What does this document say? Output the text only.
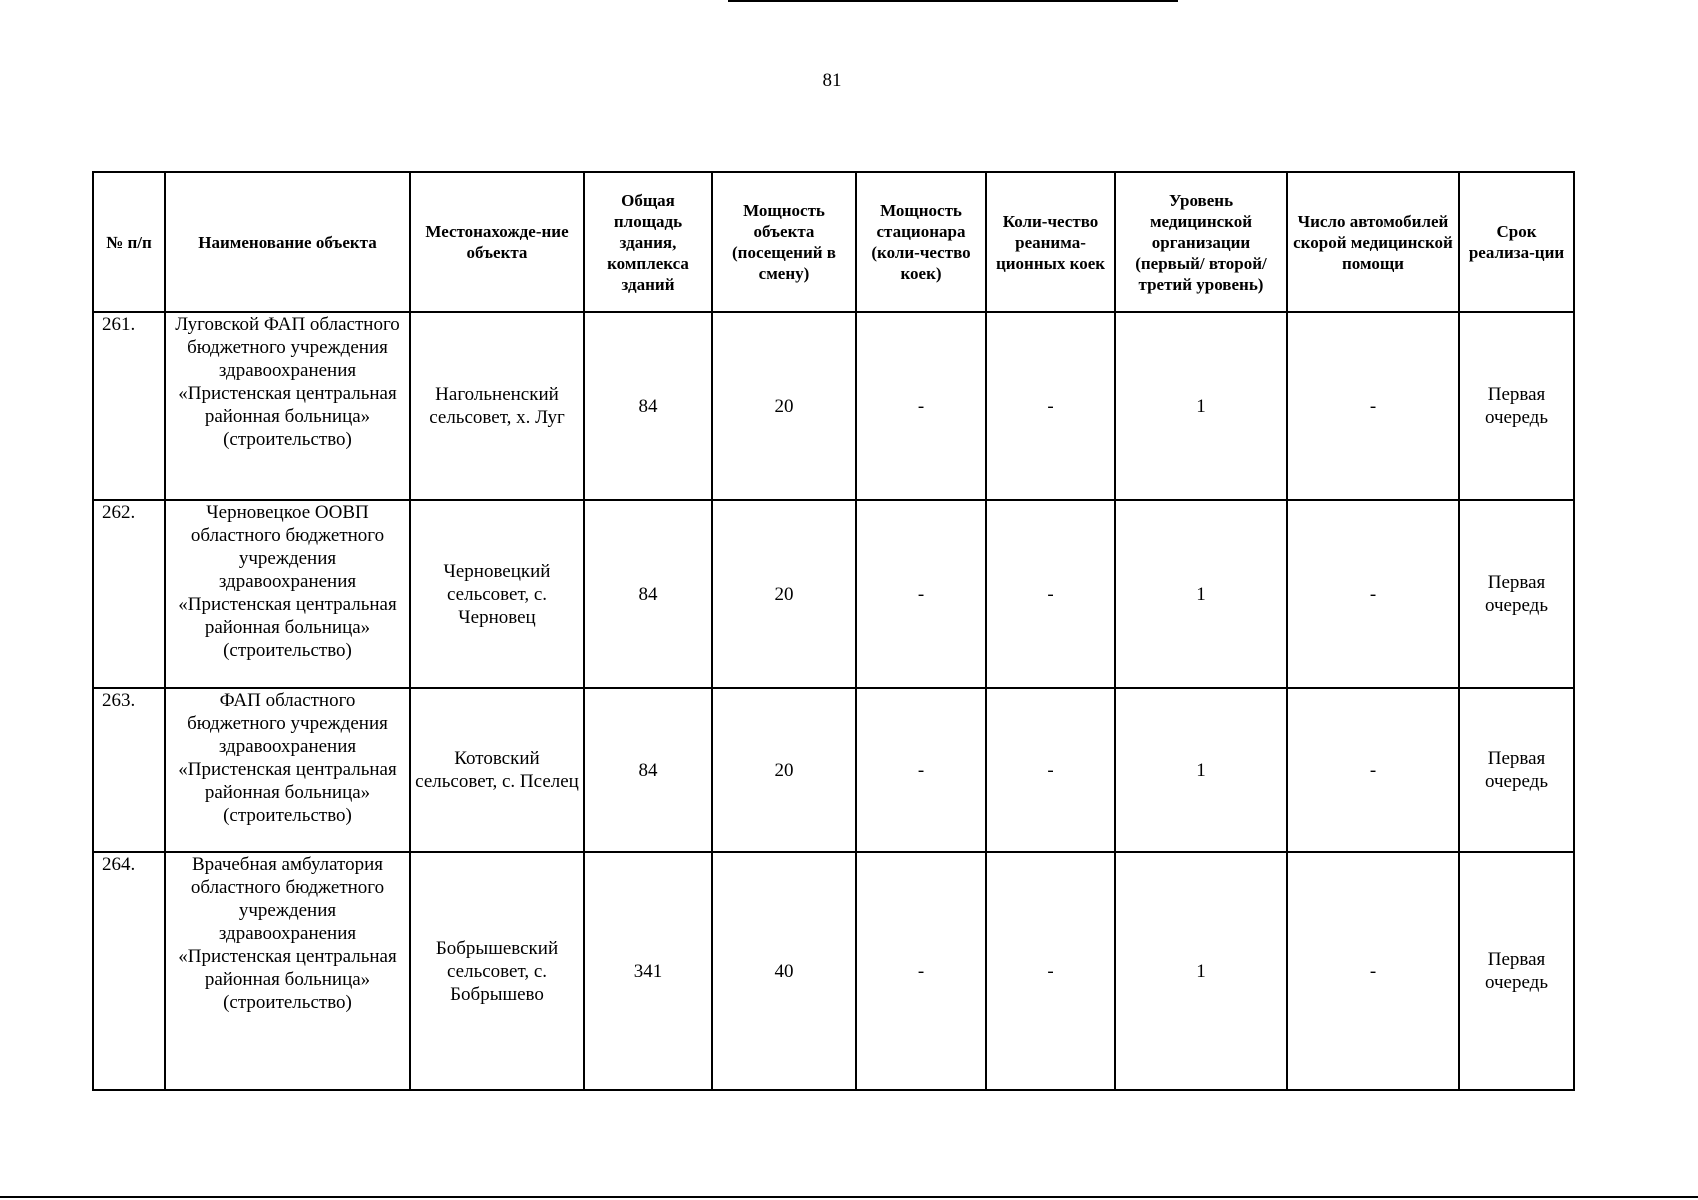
81
№ п/п	Наименование объекта	Местонахожде-ние объекта	Общая площадь здания, комплекса зданий	Мощность объекта (посещений в смену)	Мощность стационара (коли-чество коек)	Коли-чество реанима-ционных коек	Уровень медицинской организации (первый/ второй/ третий уровень)	Число автомобилей скорой медицинской помощи	Срок реализа-ции
261.	Луговской ФАП областного бюджетного учреждения здравоохранения «Пристенская центральная районная больница» (строительство)	Нагольненский сельсовет, х. Луг	84	20	-	-	1	-	Первая очередь
262.	Черновецкое ООВП областного бюджетного учреждения здравоохранения «Пристенская центральная районная больница» (строительство)	Черновецкий сельсовет, с. Черновец	84	20	-	-	1	-	Первая очередь
263.	ФАП областного бюджетного учреждения здравоохранения «Пристенская центральная районная больница» (строительство)	Котовский сельсовет, с. Пселец	84	20	-	-	1	-	Первая очередь
264.	Врачебная амбулатория областного бюджетного учреждения здравоохранения «Пристенская центральная районная больница» (строительство)	Бобрышевский сельсовет, с. Бобрышево	341	40	-	-	1	-	Первая очередь
